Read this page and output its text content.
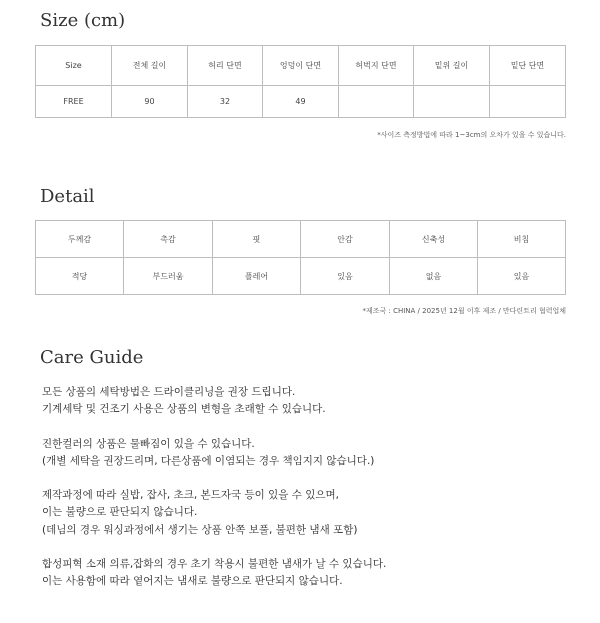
Size (cm)
Size	전체 길이	허리 단면	엉덩이 단면	허벅지 단면	밑위 길이	밑단 단면
FREE	90	32	49			

*사이즈 측정방법에 따라 1~3cm의 오차가 있을 수 있습니다.

Detail
두께감	촉감	핏	안감	신축성	비침
적당	부드러움	플레어	있음	없음	있음

*제조국 : CHINA / 2025년 12월 이후 제조 / 만다린트리 협력업체

Care Guide

모든 상품의 세탁방법은 드라이클리닝을 권장 드립니다.
기계세탁 및 건조기 사용은 상품의 변형을 초래할 수 있습니다.

진한컬러의 상품은 물빠짐이 있을 수 있습니다.
(개별 세탁을 권장드리며, 다른상품에 이염되는 경우 책임지지 않습니다.)

제작과정에 따라 실밥, 잡사, 초크, 본드자국 등이 있을 수 있으며,
이는 불량으로 판단되지 않습니다.
(데님의 경우 워싱과정에서 생기는 상품 안쪽 보풀, 불편한 냄새 포함)

합성피혁 소재 의류,잡화의 경우 초기 착용시 불편한 냄새가 날 수 있습니다.
이는 사용함에 따라 옅어지는 냄새로 불량으로 판단되지 않습니다.
